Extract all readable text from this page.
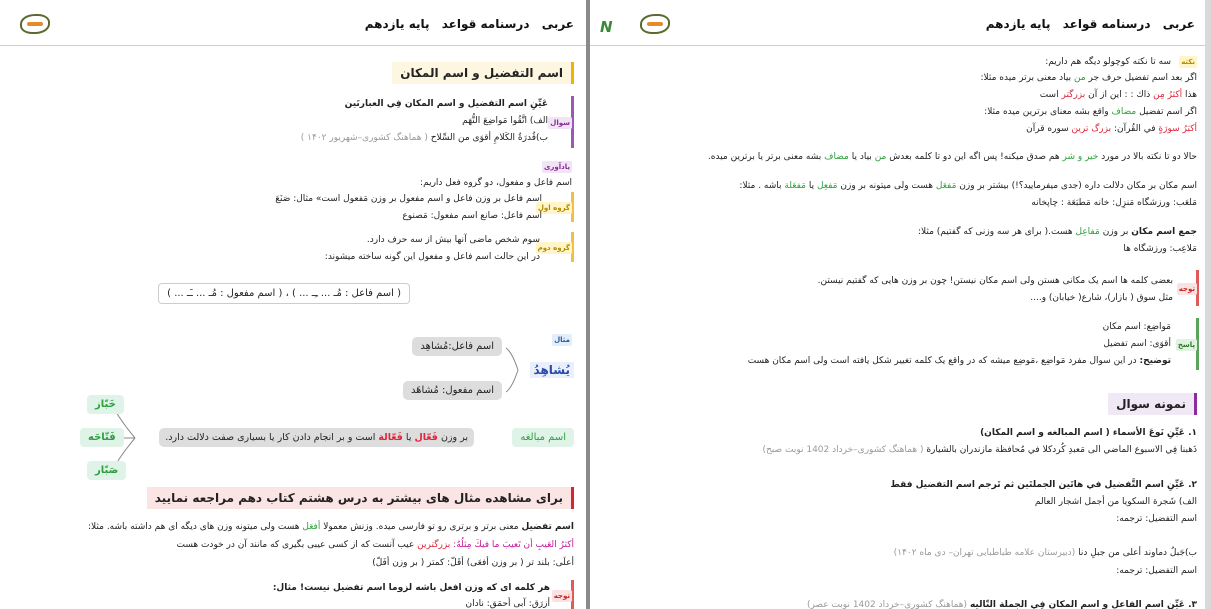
عربی درسنامه قواعد پایه یازدهم
اسم التفضیل و اسم المکان
سوال
عَیِّنِ اسم التفضیل و اسم المکان فِي العبارتَین
الف) اتَّقُوا مَواضِعَ التُّهَم
ب)قُدرَةُ الکَلامِ أقوَی من السِّلاح ( هماهنگ کشوری–شهریور ۱۴۰۲ )
یادآوری
اسم فاعل و مفعول، دو گروه فعل داریم:
گروه اول
اسم فاعل بر وزن فاعل و اسم مفعول بر وزن مَفعول است» مثال: صَنَعَ
اسم فاعل: صانع اسم مفعول: مَصنوع
گروه دوم
سوم شخص ماضی آنها بیش از سه حرف دارد.
در این حالت اسم فاعل و مفعول این گونه ساخته میشوند:
( اسم فاعل : مُـ ... ـِـ ... ) ، ( اسم مفعول : مُـ ... ـَـ ... )
مثال
يُشاهِدُ
اسم فاعل:مُشاهِد
اسم مفعول: مُشاهَد
اسم مبالغه
بر وزن فَعّال یا فَعّالة است و بر انجام دادن کار یا بسیاری صفت دلالت دارد.
خَبّاز
فَتّاحَه
صَبّار
برای مشاهده مثال های بیشتر به درس هشتم کتاب دهم مراجعه نمایید
اسم تفضیل معنی برتر و برتری رو تو فارسی میده. وزنش معمولا أفعَل هست ولی میتونه وزن های دیگه ای هم داشته باشه. مثلا:
أكثرُ العَیبِ أن تَعیبَ ما فیكَ مِثلُهُ: بزرگترین عیب آنست که از کسی عیبی بگیری که مانند آن در خودت هست
أعلَی: بلند تر ( بر وزن أفعَی) أقَلّ: کمتر ( بر وزن أفَلّ)
توجه
هر کلمه ای که وزن افعل باشه لزوما اسم تفضیل نیست! مثال:
أزرَق: آبی أحمَق: نادان
عربی درسنامه قواعد پایه یازدهم
N
نکته
سه تا نکته کوچولو دیگه هم داریم:
اگر بعد اسم تفضیل حرف جر من بیاد معنی برتر میده مثلا:
هذا أكثرُ مِن ذاك : : این از آن بزرگتر است
اگر اسم تفضیل مضاف واقع بشه معنای برترین میده مثلا:
أكبَرُ سورَةٍ في القُرآن: بزرگ ترین سوره قرآن
حالا دو تا نکته بالا در مورد خیر و شر هم صدق میکنه! پس اگه این دو تا کلمه بعدش من بیاد یا مضاف بشه معنی برتر یا برترین میده.
اسم مکان بر مکان دلالت داره (جدی میفرمایید؟!) بیشتر بر وزن مَفعَل هست ولی میتونه بر وزن مَفعِل یا مَفعَلة باشه . مثلا:
مَلعَب: ورزشگاه مَنزِل: خانه مَطبَعَة : چاپخانه
جمع اسم مکان بر وزن مَفاعِل هست.( برای هر سه وزنی که گفتیم) مثلا:
مَلاعِب: ورزشگاه ها
توجه
بعضی کلمه ها اسم یک مکانی هستن ولی اسم مکان نیستن! چون بر وزن هایی که گفتیم نیستن.
مثل سوق ( بازار)، شارع( خیابان) و....
پاسخ
مَواضِع: اسم مکان
أقوَی: اسم تفضیل
توضیح: در این سوال مفرد مَواضِع ،مَوضِع میشه که در واقع یک کلمه تغییر شکل یافته است ولی اسم مکان هست
نمونه سوال
۱. عَیِّنِ نَوعَ الأسماء ( اسم المبالغه و اسم المکان)
ذَهبنا فِي الاسبوع الماضي الی مَعبدِ کُردکلا في مُحافظة مازندران بالشیارة ( هماهنگ کشوری–خرداد 1402 نوبت صبح)
۲. عَیِّنِ اسم التَّفضیل في هاتَین الجملتَین ثم تَرجم اسم التفضیل فقط
الف) شَجرة السكویا من أجمل اشجار العالم
اسم التفضیل: ترجمه:
ب)جَبلُ دماوند أعلی من جبلِ دنا (دبیرستان علامه طباطبایی تهران– دی ماه ۱۴۰۲)
اسم التفضیل: ترجمه:
۳. عَیِّنِ اسم الفاعل و اسم المکان فِي الجملة التّالیه (هماهنگ کشوری–خرداد 1402 نوبت عصر)
